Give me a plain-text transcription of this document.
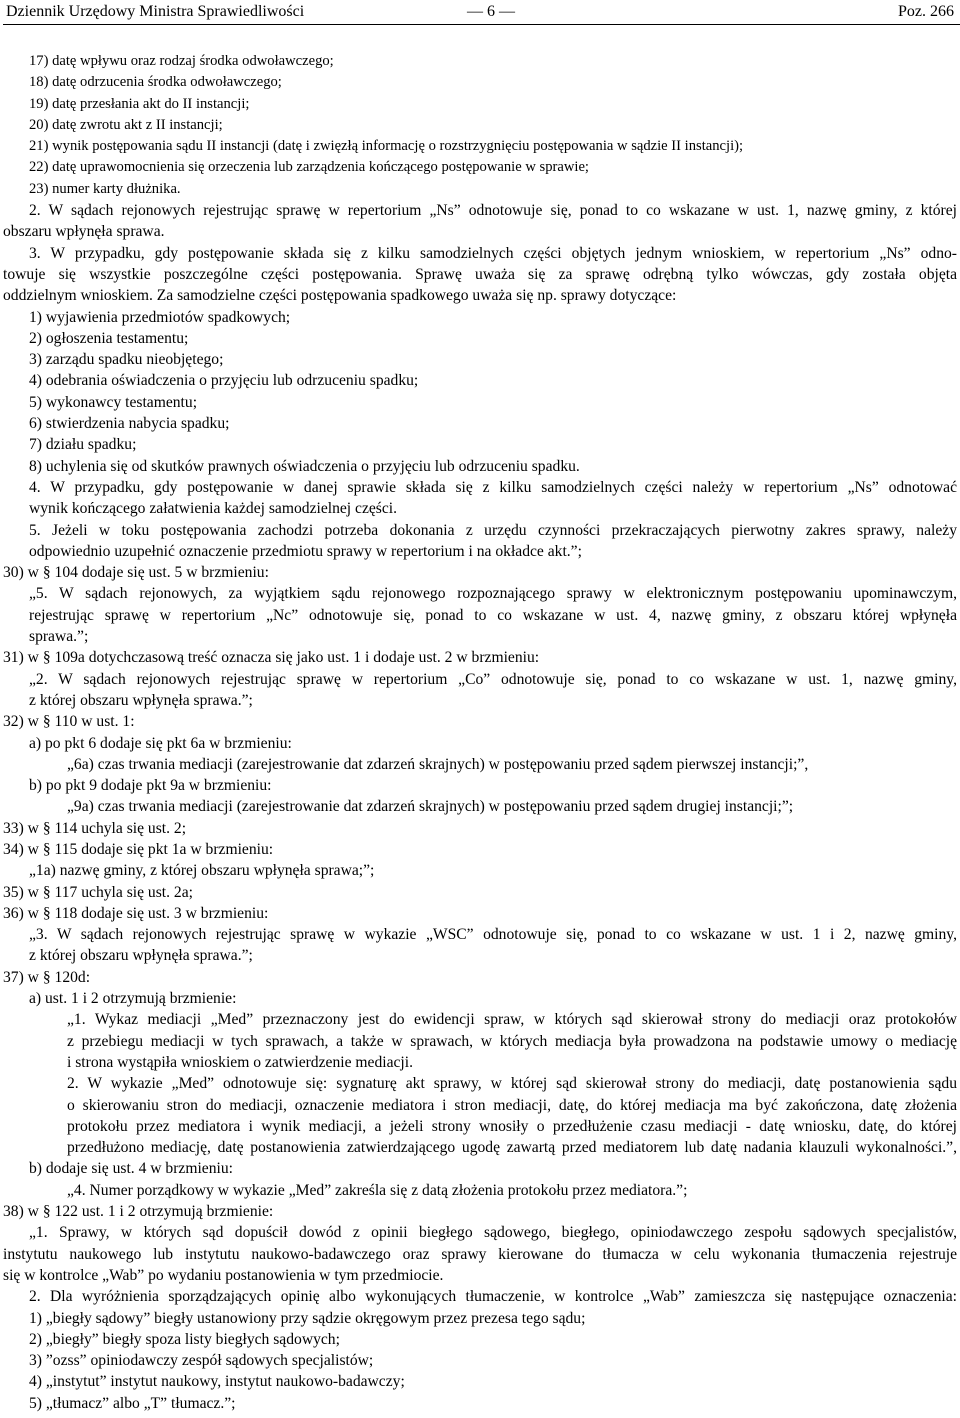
Dziennik Urzędowy Ministra Sprawiedliwości	— 6 —	Poz. 266
17) datę wpływu oraz rodzaj środka odwoławczego;
18) datę odrzucenia środka odwoławczego;
19) datę przesłania akt do II instancji;
20) datę zwrotu akt z II instancji;
21) wynik postępowania sądu II instancji (datę i zwięzłą informację o rozstrzygnięciu postępowania w sądzie II instancji);
22) datę uprawomocnienia się orzeczenia lub zarządzenia kończącego postępowanie w sprawie;
23) numer karty dłużnika.
2. W sądach rejonowych rejestrując sprawę w repertorium „Ns” odnotowuje się, ponad to co wskazane w ust. 1, nazwę gminy, z której
obszaru wpłynęła sprawa.
3. W przypadku, gdy postępowanie składa się z kilku samodzielnych części objętych jednym wnioskiem, w repertorium „Ns” odno-
towuje się wszystkie poszczególne części postępowania. Sprawę uważa się za sprawę odrębną tylko wówczas, gdy została objęta
oddzielnym wnioskiem. Za samodzielne części postępowania spadkowego uważa się np. sprawy dotyczące:
1) wyjawienia przedmiotów spadkowych;
2) ogłoszenia testamentu;
3) zarządu spadku nieobjętego;
4) odebrania oświadczenia o przyjęciu lub odrzuceniu spadku;
5) wykonawcy testamentu;
6) stwierdzenia nabycia spadku;
7) działu spadku;
8) uchylenia się od skutków prawnych oświadczenia o przyjęciu lub odrzuceniu spadku.
4. W przypadku, gdy postępowanie w danej sprawie składa się z kilku samodzielnych części należy w repertorium „Ns” odnotować
wynik kończącego załatwienia każdej samodzielnej części.
5. Jeżeli w toku postępowania zachodzi potrzeba dokonania z urzędu czynności przekraczających pierwotny zakres sprawy, należy
odpowiednio uzupełnić oznaczenie przedmiotu sprawy w repertorium i na okładce akt.”;
30) w § 104 dodaje się ust. 5 w brzmieniu:
„5. W sądach rejonowych, za wyjątkiem sądu rejonowego rozpoznającego sprawy w elektronicznym postępowaniu upominawczym,
rejestrując sprawę w repertorium „Nc” odnotowuje się, ponad to co wskazane w ust. 4, nazwę gminy, z obszaru której wpłynęła
sprawa.”;
31) w § 109a dotychczasową treść oznacza się jako ust. 1 i dodaje ust. 2 w brzmieniu:
„2. W sądach rejonowych rejestrując sprawę w repertorium „Co” odnotowuje się, ponad to co wskazane w ust. 1, nazwę gminy,
z której obszaru wpłynęła sprawa.”;
32) w § 110 w ust. 1:
a) po pkt 6 dodaje się pkt 6a w brzmieniu:
„6a) czas trwania mediacji (zarejestrowanie dat zdarzeń skrajnych) w postępowaniu przed sądem pierwszej instancji;”,
b) po pkt 9 dodaje pkt 9a w brzmieniu:
„9a) czas trwania mediacji (zarejestrowanie dat zdarzeń skrajnych) w postępowaniu przed sądem drugiej instancji;”;
33) w § 114 uchyla się ust. 2;
34) w § 115 dodaje się pkt 1a w brzmieniu:
„1a) nazwę gminy, z której obszaru wpłynęła sprawa;”;
35) w § 117 uchyla się ust. 2a;
36) w § 118 dodaje się ust. 3 w brzmieniu:
„3. W sądach rejonowych rejestrując sprawę w wykazie „WSC” odnotowuje się, ponad to co wskazane w ust. 1 i 2, nazwę gminy,
z której obszaru wpłynęła sprawa.”;
37) w § 120d:
a) ust. 1 i 2 otrzymują brzmienie:
„1. Wykaz mediacji „Med” przeznaczony jest do ewidencji spraw, w których sąd skierował strony do mediacji oraz protokołów
z przebiegu mediacji w tych sprawach, a także w sprawach, w których mediacja była prowadzona na podstawie umowy o mediację
i strona wystąpiła wnioskiem o zatwierdzenie mediacji.
2. W wykazie „Med” odnotowuje się: sygnaturę akt sprawy, w której sąd skierował strony do mediacji, datę postanowienia sądu
o skierowaniu stron do mediacji, oznaczenie mediatora i stron mediacji, datę, do której mediacja ma być zakończona, datę złożenia
protokołu przez mediatora i wynik mediacji, a jeżeli strony wnosiły o przedłużenie czasu mediacji - datę wniosku, datę, do której
przedłużono mediację, datę postanowienia zatwierdzającego ugodę zawartą przed mediatorem lub datę nadania klauzuli wykonalności.”,
b) dodaje się ust. 4 w brzmieniu:
„4. Numer porządkowy w wykazie „Med” zakreśla się z datą złożenia protokołu przez mediatora.”;
38) w § 122 ust. 1 i 2 otrzymują brzmienie:
„1. Sprawy, w których sąd dopuścił dowód z opinii biegłego sądowego, biegłego, opiniodawczego zespołu sądowych specjalistów,
instytutu naukowego lub instytutu naukowo-badawczego oraz sprawy kierowane do tłumacza w celu wykonania tłumaczenia rejestruje
się w kontrolce „Wab” po wydaniu postanowienia w tym przedmiocie.
2. Dla wyróżnienia sporządzających opinię albo wykonujących tłumaczenie, w kontrolce „Wab” zamieszcza się następujące oznaczenia:
1) „biegły sądowy” biegły ustanowiony przy sądzie okręgowym przez prezesa tego sądu;
2) „biegły” biegły spoza listy biegłych sądowych;
3) ”ozss” opiniodawczy zespół sądowych specjalistów;
4) „instytut” instytut naukowy, instytut naukowo-badawczy;
5) „tłumacz” albo „T” tłumacz.”;
